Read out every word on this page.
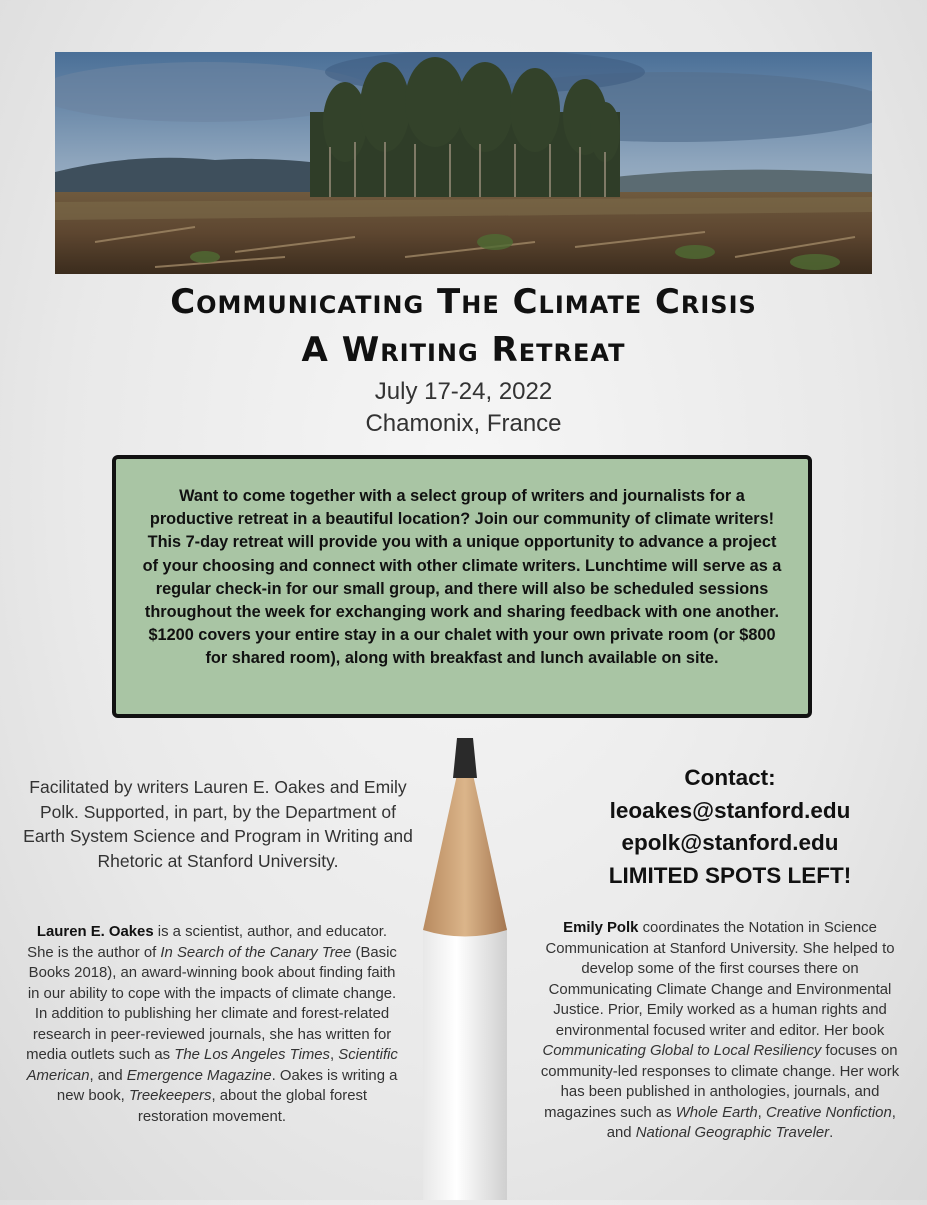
Communicating The Climate Crisis
A Writing Retreat
July 17-24, 2022
Chamonix, France
Want to come together with a select group of writers and journalists for a productive retreat in a beautiful location? Join our community of climate writers! This 7-day retreat will provide you with a unique opportunity to advance a project of your choosing and connect with other climate writers. Lunchtime will serve as a regular check-in for our small group, and there will also be scheduled sessions throughout the week for exchanging work and sharing feedback with one another. $1200 covers your entire stay in a our chalet with your own private room (or $800 for shared room), along with breakfast and lunch available on site.
Facilitated by writers Lauren E. Oakes and Emily Polk. Supported, in part, by the Department of Earth System Science and Program in Writing and Rhetoric at Stanford University.
Contact:
leoakes@stanford.edu
epolk@stanford.edu
LIMITED SPOTS LEFT!
Lauren E. Oakes is a scientist, author, and educator. She is the author of In Search of the Canary Tree (Basic Books 2018), an award-winning book about finding faith in our ability to cope with the impacts of climate change. In addition to publishing her climate and forest-related research in peer-reviewed journals, she has written for media outlets such as The Los Angeles Times, Scientific American, and Emergence Magazine. Oakes is writing a new book, Treekeepers, about the global forest restoration movement.
Emily Polk coordinates the Notation in Science Communication at Stanford University. She helped to develop some of the first courses there on Communicating Climate Change and Environmental Justice. Prior, Emily worked as a human rights and environmental focused writer and editor. Her book Communicating Global to Local Resiliency focuses on community-led responses to climate change. Her work has been published in anthologies, journals, and magazines such as Whole Earth, Creative Nonfiction, and National Geographic Traveler.
